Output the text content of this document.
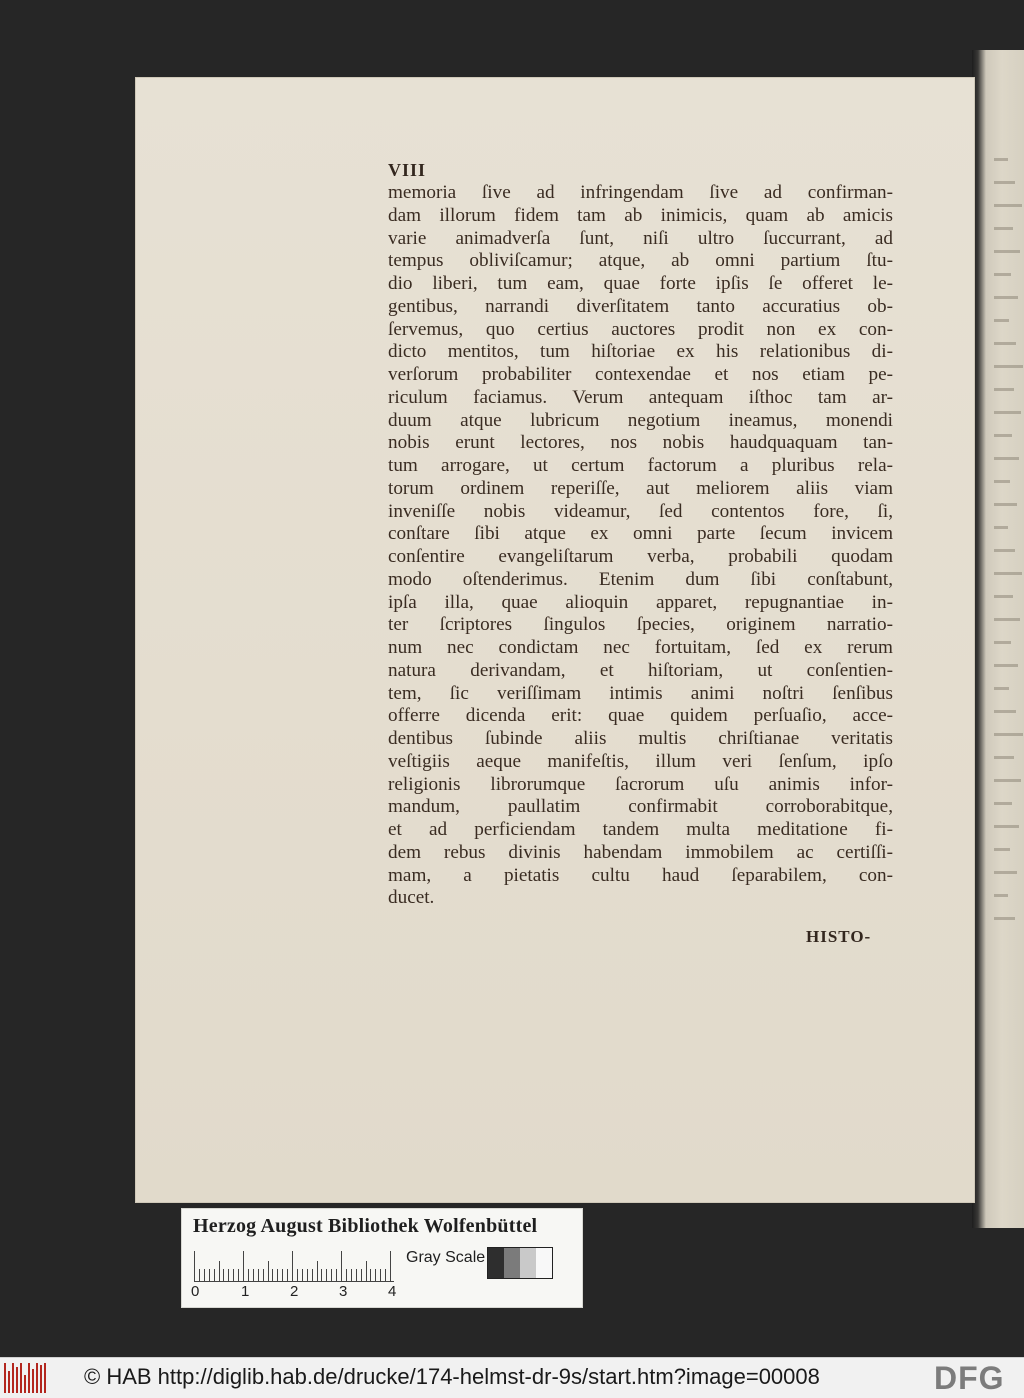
VIII
memoria ſive ad infringendam ſive ad confirman-
dam illorum fidem tam ab inimicis, quam ab amicis
varie animadverſa ſunt, niſi ultro ſuccurrant, ad
tempus obliviſcamur; atque, ab omni partium ſtu-
dio liberi, tum eam, quae forte ipſis ſe offeret le-
gentibus, narrandi diverſitatem tanto accuratius ob-
ſervemus, quo certius auctores prodit non ex con-
dicto mentitos, tum hiſtoriae ex his relationibus di-
verſorum probabiliter contexendae et nos etiam pe-
riculum faciamus. Verum antequam iſthoc tam ar-
duum atque lubricum negotium ineamus, monendi
nobis erunt lectores, nos nobis haudquaquam tan-
tum arrogare, ut certum factorum a pluribus rela-
torum ordinem reperiſſe, aut meliorem aliis viam
inveniſſe nobis videamur, ſed contentos fore, ſi,
conſtare ſibi atque ex omni parte ſecum invicem
conſentire evangeliſtarum verba, probabili quodam
modo oſtenderimus. Etenim dum ſibi conſtabunt,
ipſa illa, quae alioquin apparet, repugnantiae in-
ter ſcriptores ſingulos ſpecies, originem narratio-
num nec condictam nec fortuitam, ſed ex rerum
natura derivandam, et hiſtoriam, ut conſentien-
tem, ſic veriſſimam intimis animi noſtri ſenſibus
offerre dicenda erit: quae quidem perſuaſio, acce-
dentibus ſubinde aliis multis chriſtianae veritatis
veſtigiis aeque manifeſtis, illum veri ſenſum, ipſo
religionis librorumque ſacrorum uſu animis infor-
mandum, paullatim confirmabit corroborabitque,
et ad perficiendam tandem multa meditatione fi-
dem rebus divinis habendam immobilem ac certiſſi-
mam, a pietatis cultu haud ſeparabilem, con-
ducet.
HISTO-
Herzog August Bibliothek Wolfenbüttel
0	1	2	3	4
Gray Scale
© HAB http://diglib.hab.de/drucke/174-helmst-dr-9s/start.htm?image=00008	DFG
